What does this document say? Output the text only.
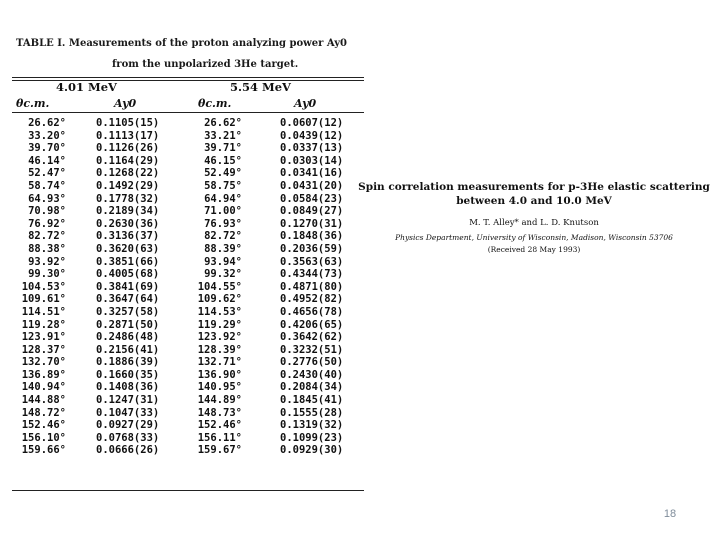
TABLE I. Measurements of the proton analyzing power Ay0
from the unpolarized 3He target.
4.01 MeV	5.54 MeV
θc.m.	Ay0	θc.m.	Ay0
26.62°	0.1105(15)	26.62°	0.0607(12)
33.20°	0.1113(17)	33.21°	0.0439(12)
39.70°	0.1126(26)	39.71°	0.0337(13)
46.14°	0.1164(29)	46.15°	0.0303(14)
52.47°	0.1268(22)	52.49°	0.0341(16)
58.74°	0.1492(29)	58.75°	0.0431(20)
64.93°	0.1778(32)	64.94°	0.0584(23)
70.98°	0.2189(34)	71.00°	0.0849(27)
76.92°	0.2630(36)	76.93°	0.1270(31)
82.72°	0.3136(37)	82.72°	0.1848(36)
88.38°	0.3620(63)	88.39°	0.2036(59)
93.92°	0.3851(66)	93.94°	0.3563(63)
99.30°	0.4005(68)	99.32°	0.4344(73)
104.53°	0.3841(69)	104.55°	0.4871(80)
109.61°	0.3647(64)	109.62°	0.4952(82)
114.51°	0.3257(58)	114.53°	0.4656(78)
119.28°	0.2871(50)	119.29°	0.4206(65)
123.91°	0.2486(48)	123.92°	0.3642(62)
128.37°	0.2156(41)	128.39°	0.3232(51)
132.70°	0.1886(39)	132.71°	0.2776(50)
136.89°	0.1660(35)	136.90°	0.2430(40)
140.94°	0.1408(36)	140.95°	0.2084(34)
144.88°	0.1247(31)	144.89°	0.1845(41)
148.72°	0.1047(33)	148.73°	0.1555(28)
152.46°	0.0927(29)	152.46°	0.1319(32)
156.10°	0.0768(33)	156.11°	0.1099(23)
159.66°	0.0666(26)	159.67°	0.0929(30)
Spin correlation measurements for p-3He elastic scattering
between 4.0 and 10.0 MeV
M. T. Alley* and L. D. Knutson
Physics Department, University of Wisconsin, Madison, Wisconsin 53706
(Received 28 May 1993)
18
